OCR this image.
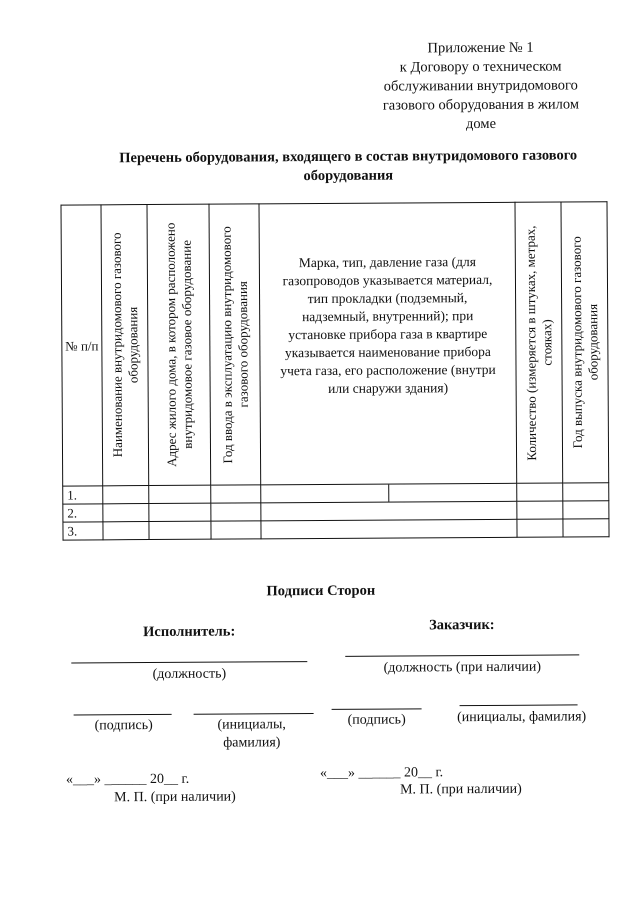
Приложение № 1
к Договору о техническом
обслуживании внутридомового
газового оборудования в жилом
доме
Перечень оборудования, входящего в состав внутридомового газового
оборудования
№ п/п	Наименование внутридомового газового оборудования	Адрес жилого дома, в котором расположено внутридомовое газовое оборудование	Год ввода в эксплуатацию внутридомового газового оборудования	Марка, тип, давление газа (для газопроводов указывается материал, тип прокладки (подземный, надземный, внутренний); при установке прибора газа в квартире указывается наименование прибора учета газа, его расположение (внутри или снаружи здания)	Количество (измеряется в штуках, метрах, стояках)	Год выпуска внутридомового газового оборудования

1.				

2.						
3.						
Подписи Сторон
Исполнитель:	Заказчик:
(должность)	(должность (при наличии)
(подпись)	(инициалы, фамилия)
(подпись)	(инициалы, фамилия)
«___» ______ 20__ г.
М. П. (при наличии)
«___» ______ 20__ г.
М. П. (при наличии)
